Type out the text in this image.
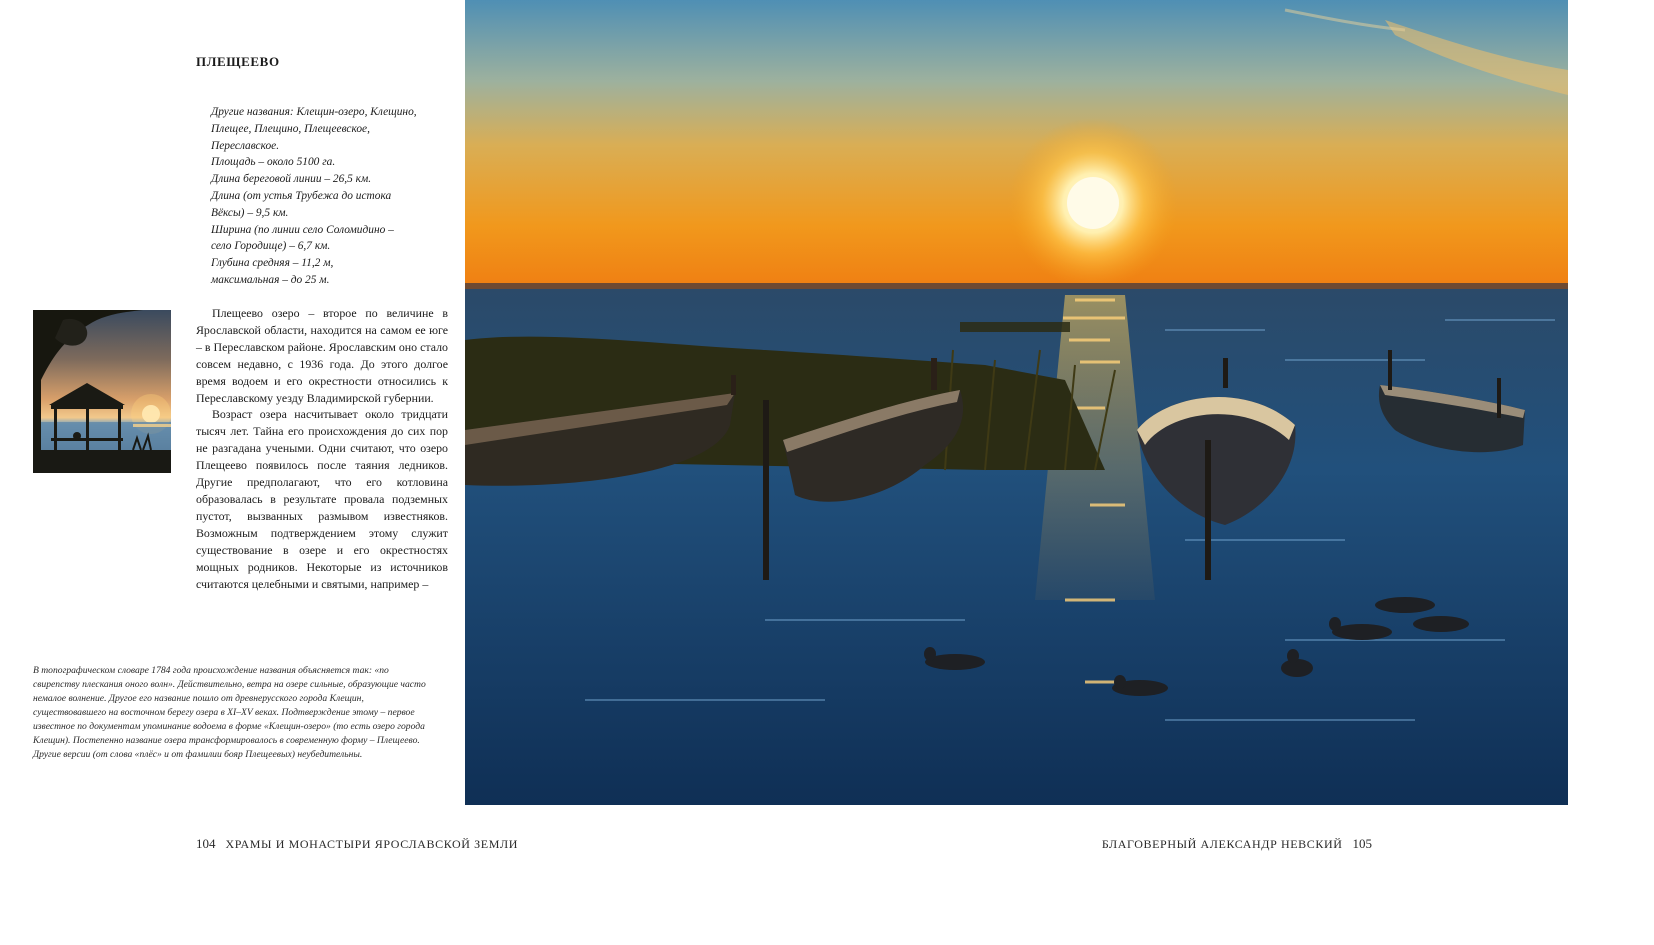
ПЛЕЩЕЕВО
Другие названия: Клещин-озеро, Клещино,
Плещее, Плещино, Плещеевское,
Переславское.
Площадь – около 5100 га.
Длина береговой линии – 26,5 км.
Длина (от устья Трубежа до истока
Вёксы) – 9,5 км.
Ширина (по линии село Соломидино –
село Городище) – 6,7 км.
Глубина средняя – 11,2 м,
максимальная – до 25 м.

Плещеево озеро – второе по величине в Ярославской области, находится на самом ее юге – в Переславском районе. Ярославским оно стало совсем недавно, с 1936 года. До этого долгое время водоем и его окрестности относились к Переславскому уезду Владимирской губернии.

Возраст озера насчитывает около тридцати тысяч лет. Тайна его происхождения до сих пор не разгадана учеными. Одни считают, что озеро Плещеево появилось после таяния ледников. Другие предполагают, что его котловина образовалась в результате провала подземных пустот, вызванных размывом известняков. Возможным подтверждением этому служит существование в озере и его окрестностях мощных родников. Некоторые из источников считаются целебными и святыми, например –

В топографическом словаре 1784 года происхождение названия объясняется так: «по свирепству плескания оного волн». Действительно, ветра на озере сильные, образующие часто немалое волнение. Другое его название пошло от древнерусского города Клещин, существовавшего на восточном берегу озера в XI–XV веках. Подтверждение этому – первое известное по документам упоминание водоема в форме «Клещин-озеро» (то есть озеро города Клещин). Постепенно название озера трансформировалось в современную форму – Плещеево. Другие версии (от слова «плёс» и от фамилии бояр Плещеевых) неубедительны.
104 ХРАМЫ И МОНАСТЫРИ ЯРОСЛАВСКОЙ ЗЕМЛИ	БЛАГОВЕРНЫЙ АЛЕКСАНДР НЕВСКИЙ 105
